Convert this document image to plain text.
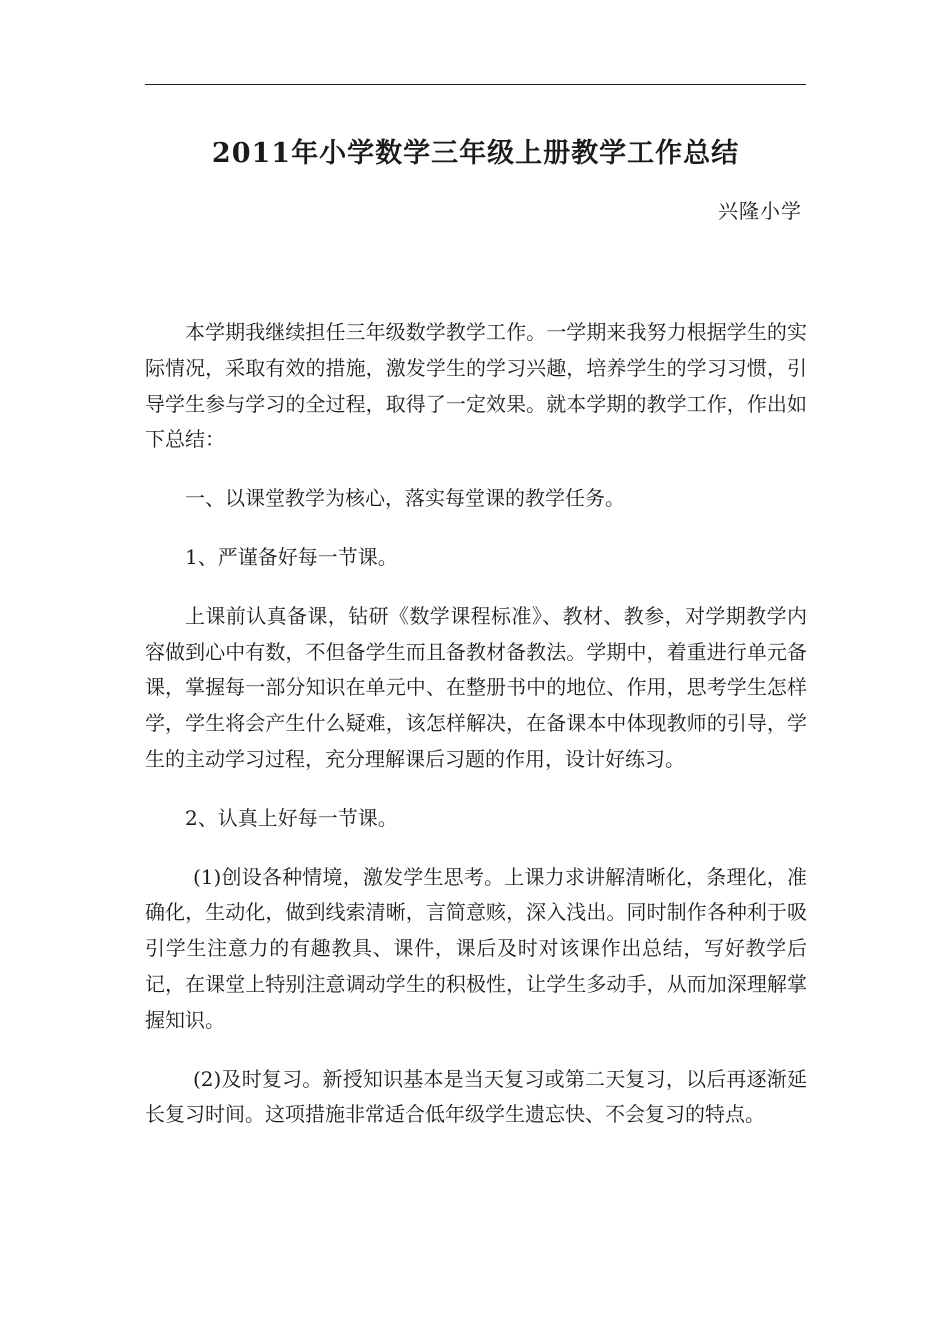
2011年小学数学三年级上册教学工作总结
兴隆小学

本学期我继续担任三年级数学教学工作。一学期来我努力根据学生的实际情况，采取有效的措施，激发学生的学习兴趣，培养学生的学习习惯，引导学生参与学习的全过程，取得了一定效果。就本学期的教学工作，作出如下总结：

一、以课堂教学为核心，落实每堂课的教学任务。

1、严谨备好每一节课。

上课前认真备课，钻研《数学课程标准》、教材、教参，对学期教学内容做到心中有数，不但备学生而且备教材备教法。学期中，着重进行单元备课，掌握每一部分知识在单元中、在整册书中的地位、作用，思考学生怎样学，学生将会产生什么疑难，该怎样解决，在备课本中体现教师的引导，学生的主动学习过程，充分理解课后习题的作用，设计好练习。

2、认真上好每一节课。

(1)创设各种情境，激发学生思考。上课力求讲解清晰化，条理化，准确化，生动化，做到线索清晰，言简意赅，深入浅出。同时制作各种利于吸引学生注意力的有趣教具、课件，课后及时对该课作出总结，写好教学后记，在课堂上特别注意调动学生的积极性，让学生多动手，从而加深理解掌握知识。

(2)及时复习。新授知识基本是当天复习或第二天复习，以后再逐渐延长复习时间。这项措施非常适合低年级学生遗忘快、不会复习的特点。
